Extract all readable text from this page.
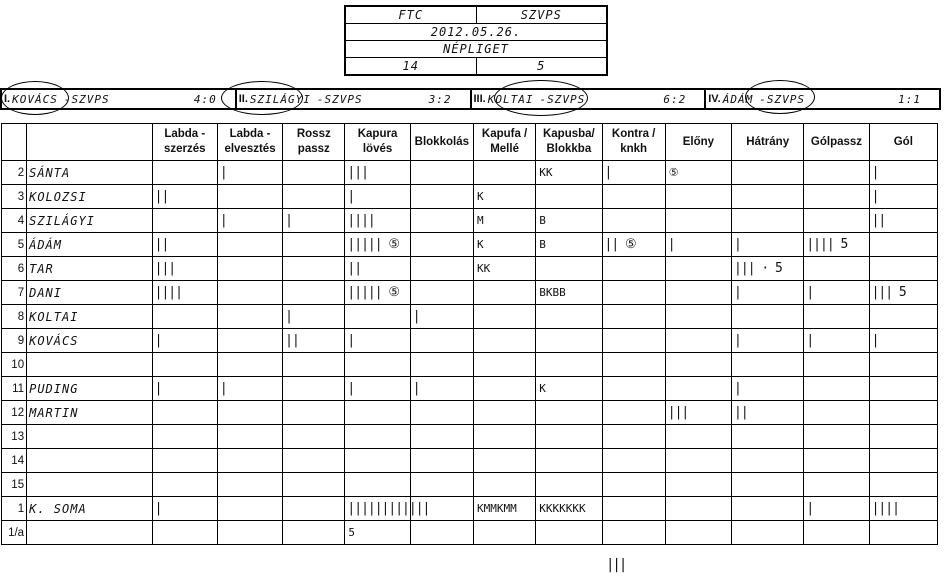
FTC	SZVPS
2012.05.26.
NÉPLIGET
14	5
I. KOVÁCS -SZVPS	4:0 II. SZILÁGYI -SZVPS	3:2 III. KOLTAI -SZVPS	6:2 IV. ÁDÁM -SZVPS	1:1
		Labda - szerzés	Labda - elvesztés	Rossz passz	Kapura lövés	Blokkolás	Kapufa / Mellé	Kapusba/ Blokkba	Kontra / knkh	Előny	Hátrány	Gólpassz	Gól
2	SÁNTA		|		|||			KK	|	⑤			|
3	KOLOZSI	||			|		K						|
4	SZILÁGYI		|	|	||||		M	B					||
5	ÁDÁM	||			||||| ⑤		K	B	|| ⑤	|	|	|||| 5	
6	TAR	|||			||		KK				||| · 5		
7	DANI	||||			||||| ⑤			BKBB			|	|	||| 5
8	KOLTAI			|		|							
9	KOVÁCS	|		||	|						|	|	|
10													
11	PUDING	|	|		|	|		K			|		
12	MARTIN									|||	||		
13													
14													
15													
1	K. SOMA	|			||||||||||||		KMMKMM	KKKKKKK				|	||||
1/a					5								
|||
